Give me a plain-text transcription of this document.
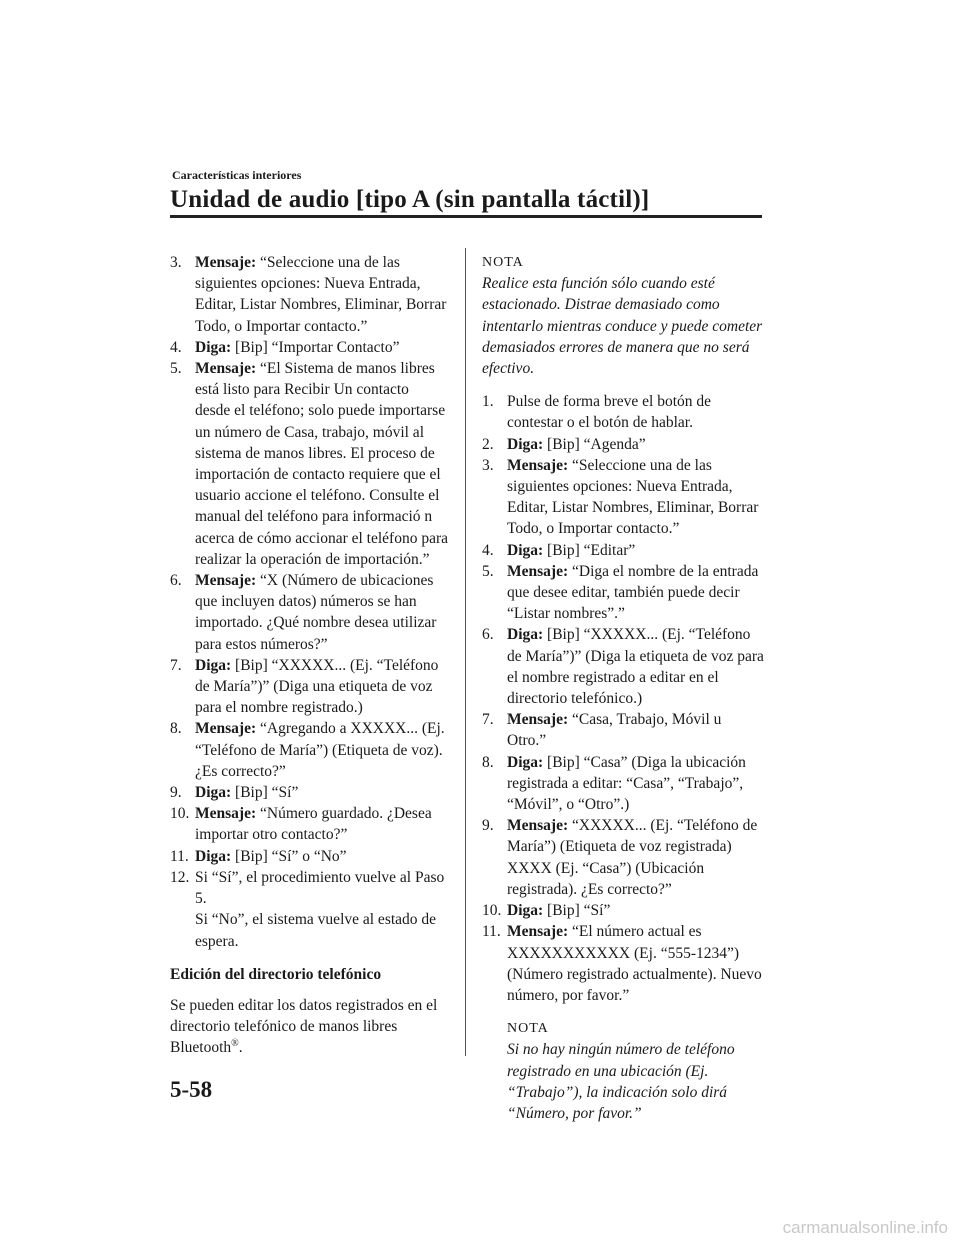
Características interiores
Unidad de audio [tipo A (sin pantalla táctil)]

3. Mensaje: “Seleccione una de las siguientes opciones: Nueva Entrada, Editar, Listar Nombres, Eliminar, Borrar Todo, o Importar contacto.”

4. Diga: [Bip] “Importar Contacto”

5. Mensaje: “El Sistema de manos libres está listo para Recibir Un contacto desde el teléfono; solo puede importarse un número de Casa, trabajo, móvil al sistema de manos libres. El proceso de importación de contacto requiere que el usuario accione el teléfono. Consulte el manual del teléfono para informació n acerca de cómo accionar el teléfono para realizar la operación de importación.”

6. Mensaje: “X (Número de ubicaciones que incluyen datos) números se han importado. ¿Qué nombre desea utilizar para estos números?”

7. Diga: [Bip] “XXXXX... (Ej. “Teléfono de María”)” (Diga una etiqueta de voz para el nombre registrado.)

8. Mensaje: “Agregando a XXXXX... (Ej. “Teléfono de María”) (Etiqueta de voz). ¿Es correcto?”

9. Diga: [Bip] “Sí”

10. Mensaje: “Número guardado. ¿Desea importar otro contacto?”

11. Diga: [Bip] “Sí” o “No”

12. Si “Sí”, el procedimiento vuelve al Paso 5.
Si “No”, el sistema vuelve al estado de espera.

Edición del directorio telefónico

Se pueden editar los datos registrados en el directorio telefónico de manos libres Bluetooth®.

NOTA
Realice esta función sólo cuando esté estacionado. Distrae demasiado como intentarlo mientras conduce y puede cometer demasiados errores de manera que no será efectivo.

1. Pulse de forma breve el botón de contestar o el botón de hablar.

2. Diga: [Bip] “Agenda”

3. Mensaje: “Seleccione una de las siguientes opciones: Nueva Entrada, Editar, Listar Nombres, Eliminar, Borrar Todo, o Importar contacto.”

4. Diga: [Bip] “Editar”

5. Mensaje: “Diga el nombre de la entrada que desee editar, también puede decir “Listar nombres”.”

6. Diga: [Bip] “XXXXX... (Ej. “Teléfono de María”)” (Diga la etiqueta de voz para el nombre registrado a editar en el directorio telefónico.)

7. Mensaje: “Casa, Trabajo, Móvil u Otro.”

8. Diga: [Bip] “Casa” (Diga la ubicación registrada a editar: “Casa”, “Trabajo”, “Móvil”, o “Otro”.)

9. Mensaje: “XXXXX... (Ej. “Teléfono de María”) (Etiqueta de voz registrada) XXXX (Ej. “Casa”) (Ubicación registrada). ¿Es correcto?”

10. Diga: [Bip] “Sí”

11. Mensaje: “El número actual es XXXXXXXXXXX (Ej. “555-1234”) (Número registrado actualmente). Nuevo número, por favor.”

NOTA
Si no hay ningún número de teléfono registrado en una ubicación (Ej. “Trabajo”), la indicación solo dirá “Número, por favor.”

5-58

carmanualsonline.info
